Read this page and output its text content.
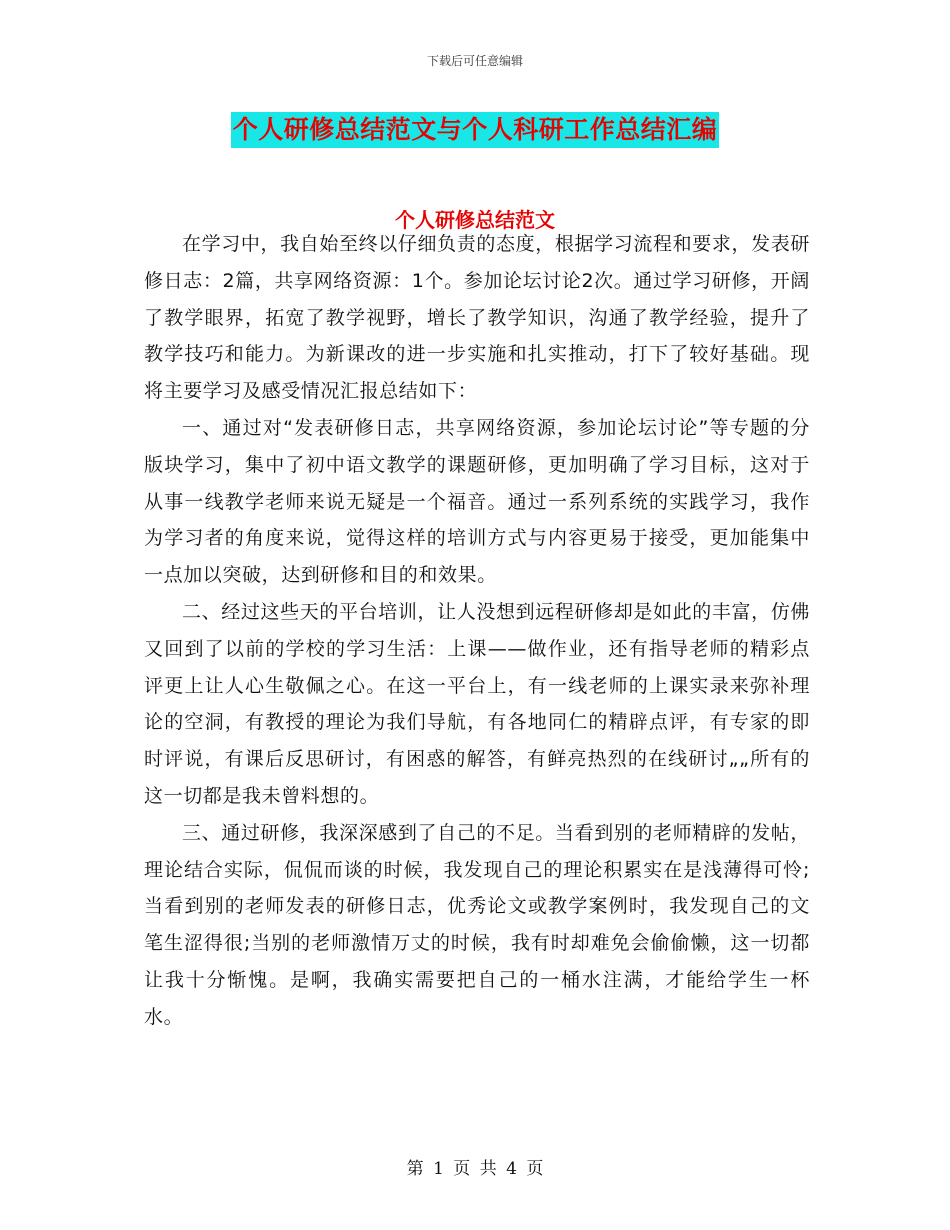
下载后可任意编辑
个人研修总结范文与个人科研工作总结汇编
个人研修总结范文

在学习中，我自始至终以仔细负责的态度，根据学习流程和要求，发表研修日志：2篇，共享网络资源：1个。参加论坛讨论2次。通过学习研修，开阔了教学眼界，拓宽了教学视野，增长了教学知识，沟通了教学经验，提升了教学技巧和能力。为新课改的进一步实施和扎实推动，打下了较好基础。现将主要学习及感受情况汇报总结如下：

一、通过对“发表研修日志，共享网络资源，参加论坛讨论”等专题的分版块学习，集中了初中语文教学的课题研修，更加明确了学习目标，这对于从事一线教学老师来说无疑是一个福音。通过一系列系统的实践学习，我作为学习者的角度来说，觉得这样的培训方式与内容更易于接受，更加能集中一点加以突破，达到研修和目的和效果。

二、经过这些天的平台培训，让人没想到远程研修却是如此的丰富，仿佛又回到了以前的学校的学习生活：上课——做作业，还有指导老师的精彩点评更上让人心生敬佩之心。在这一平台上，有一线老师的上课实录来弥补理论的空洞，有教授的理论为我们导航，有各地同仁的精辟点评，有专家的即时评说，有课后反思研讨，有困惑的解答，有鲜亮热烈的在线研讨„„所有的这一切都是我未曾料想的。

三、通过研修，我深深感到了自己的不足。当看到别的老师精辟的发帖，理论结合实际，侃侃而谈的时候，我发现自己的理论积累实在是浅薄得可怜;当看到别的老师发表的研修日志，优秀论文或教学案例时，我发现自己的文笔生涩得很;当别的老师激情万丈的时候，我有时却难免会偷偷懒，这一切都让我十分惭愧。是啊，我确实需要把自己的一桶水注满，才能给学生一杯水。

第 1 页 共 4 页
